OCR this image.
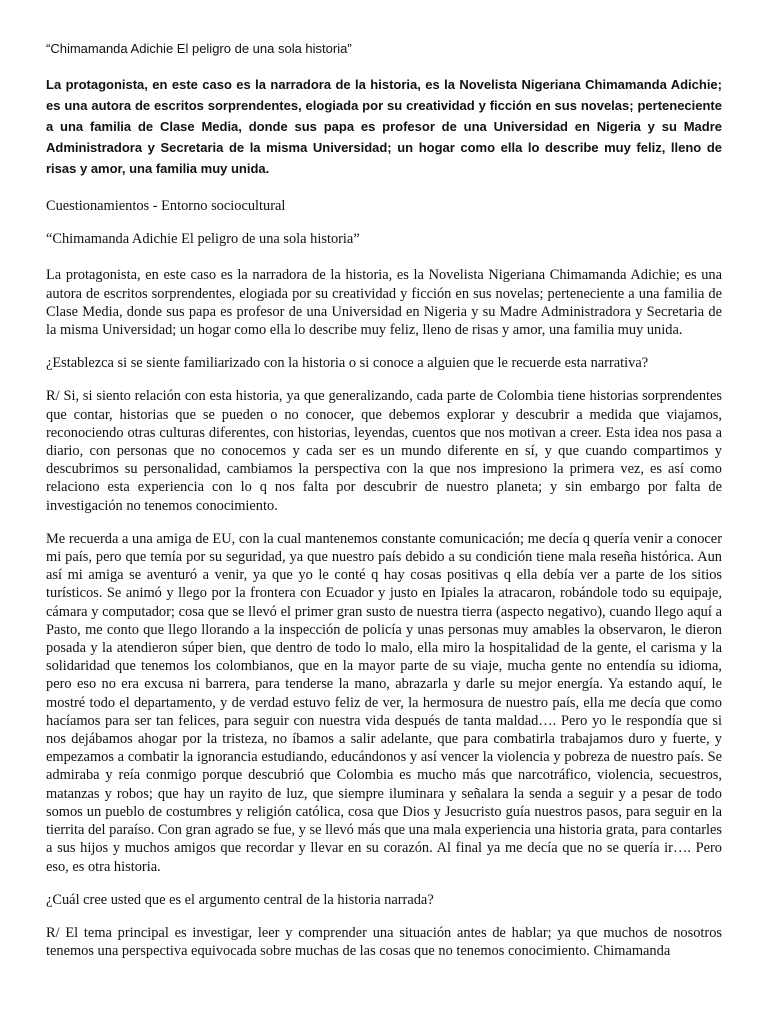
“Chimamanda Adichie El peligro de una sola historia”

La protagonista, en este caso es la narradora de la historia, es la Novelista Nigeriana Chimamanda Adichie; es una autora de escritos sorprendentes, elogiada por su creatividad y ficción en sus novelas; perteneciente a una familia de Clase Media, donde sus papa es profesor de una Universidad en Nigeria y su Madre Administradora y Secretaria de la misma Universidad; un hogar como ella lo describe muy feliz, lleno de risas y amor, una familia muy unida.

Cuestionamientos - Entorno sociocultural

“Chimamanda Adichie El peligro de una sola historia”

La protagonista, en este caso es la narradora de la historia, es la Novelista Nigeriana Chimamanda Adichie; es una autora de escritos sorprendentes, elogiada por su creatividad y ficción en sus novelas; perteneciente a una familia de Clase Media, donde sus papa es profesor de una Universidad en Nigeria y su Madre Administradora y Secretaria de la misma Universidad; un hogar como ella lo describe muy feliz, lleno de risas y amor, una familia muy unida.

¿Establezca si se siente familiarizado con la historia o si conoce a alguien que le recuerde esta narrativa?

R/ Si, si siento relación con esta historia, ya que generalizando, cada parte de Colombia tiene historias sorprendentes que contar, historias que se pueden o no conocer, que debemos explorar y descubrir a medida que viajamos, reconociendo otras culturas diferentes, con historias, leyendas, cuentos que nos motivan a creer. Esta idea nos pasa a diario, con personas que no conocemos y cada ser es un mundo diferente en sí, y que cuando compartimos y descubrimos su personalidad, cambiamos la perspectiva con la que nos impresiono la primera vez, es así como relaciono esta experiencia con lo q nos falta por descubrir de nuestro planeta; y sin embargo por falta de investigación no tenemos conocimiento.

Me recuerda a una amiga de EU, con la cual mantenemos constante comunicación; me decía q quería venir a conocer mi país, pero que temía por su seguridad, ya que nuestro país debido a su condición tiene mala reseña histórica. Aun así mi amiga se aventuró a venir, ya que yo le conté q hay cosas positivas q ella debía ver a parte de los sitios turísticos. Se animó y llego por la frontera con Ecuador y justo en Ipiales la atracaron, robándole todo su equipaje, cámara y computador; cosa que se llevó el primer gran susto de nuestra tierra (aspecto negativo), cuando llego aquí a Pasto, me conto que llego llorando a la inspección de policía y unas personas muy amables la observaron, le dieron posada y la atendieron súper bien, que dentro de todo lo malo, ella miro la hospitalidad de la gente, el carisma y la solidaridad que tenemos los colombianos, que en la mayor parte de su viaje, mucha gente no entendía su idioma, pero eso no era excusa ni barrera, para tenderse la mano, abrazarla y darle su mejor energía. Ya estando aquí, le mostré todo el departamento, y de verdad estuvo feliz de ver, la hermosura de nuestro país, ella me decía que como hacíamos para ser tan felices, para seguir con nuestra vida después de tanta maldad…. Pero yo le respondía que si nos dejábamos ahogar por la tristeza, no íbamos a salir adelante, que para combatirla trabajamos duro y fuerte, y empezamos a combatir la ignorancia estudiando, educándonos y así vencer la violencia y pobreza de nuestro país. Se admiraba y reía conmigo porque descubrió que Colombia es mucho más que narcotráfico, violencia, secuestros, matanzas y robos; que hay un rayito de luz, que siempre iluminara y señalara la senda a seguir y a pesar de todo somos un pueblo de costumbres y religión católica, cosa que Dios y Jesucristo guía nuestros pasos, para seguir en la tierrita del paraíso. Con gran agrado se fue, y se llevó más que una mala experiencia una historia grata, para contarles a sus hijos y muchos amigos que recordar y llevar en su corazón. Al final ya me decía que no se quería ir…. Pero eso, es otra historia.

¿Cuál cree usted que es el argumento central de la historia narrada?

R/ El tema principal es investigar, leer y comprender una situación antes de hablar; ya que muchos de nosotros tenemos una perspectiva equivocada sobre muchas de las cosas que no tenemos conocimiento. Chimamanda
